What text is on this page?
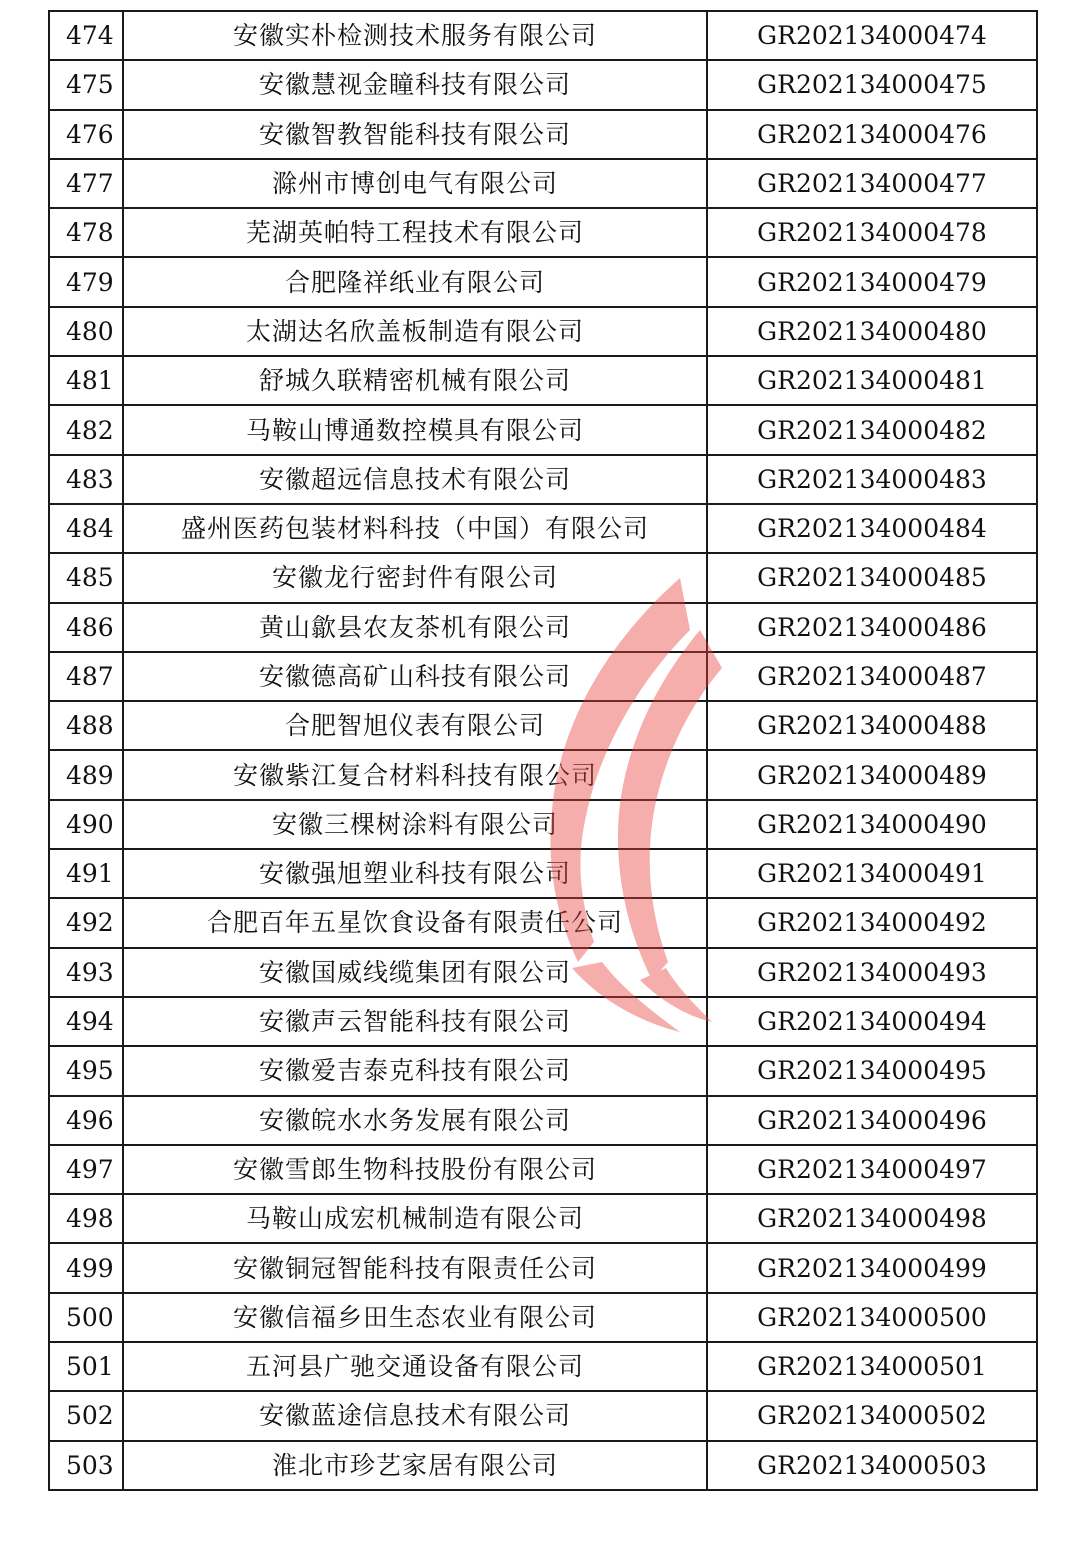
474	安徽实朴检测技术服务有限公司	GR202134000474
475	安徽慧视金瞳科技有限公司	GR202134000475
476	安徽智教智能科技有限公司	GR202134000476
477	滁州市博创电气有限公司	GR202134000477
478	芜湖英帕特工程技术有限公司	GR202134000478
479	合肥隆祥纸业有限公司	GR202134000479
480	太湖达名欣盖板制造有限公司	GR202134000480
481	舒城久联精密机械有限公司	GR202134000481
482	马鞍山博通数控模具有限公司	GR202134000482
483	安徽超远信息技术有限公司	GR202134000483
484	盛州医药包装材料科技（中国）有限公司	GR202134000484
485	安徽龙行密封件有限公司	GR202134000485
486	黄山歙县农友茶机有限公司	GR202134000486
487	安徽德高矿山科技有限公司	GR202134000487
488	合肥智旭仪表有限公司	GR202134000488
489	安徽紫江复合材料科技有限公司	GR202134000489
490	安徽三棵树涂料有限公司	GR202134000490
491	安徽强旭塑业科技有限公司	GR202134000491
492	合肥百年五星饮食设备有限责任公司	GR202134000492
493	安徽国威线缆集团有限公司	GR202134000493
494	安徽声云智能科技有限公司	GR202134000494
495	安徽爱吉泰克科技有限公司	GR202134000495
496	安徽皖水水务发展有限公司	GR202134000496
497	安徽雪郎生物科技股份有限公司	GR202134000497
498	马鞍山成宏机械制造有限公司	GR202134000498
499	安徽铜冠智能科技有限责任公司	GR202134000499
500	安徽信福乡田生态农业有限公司	GR202134000500
501	五河县广驰交通设备有限公司	GR202134000501
502	安徽蓝途信息技术有限公司	GR202134000502
503	淮北市珍艺家居有限公司	GR202134000503
